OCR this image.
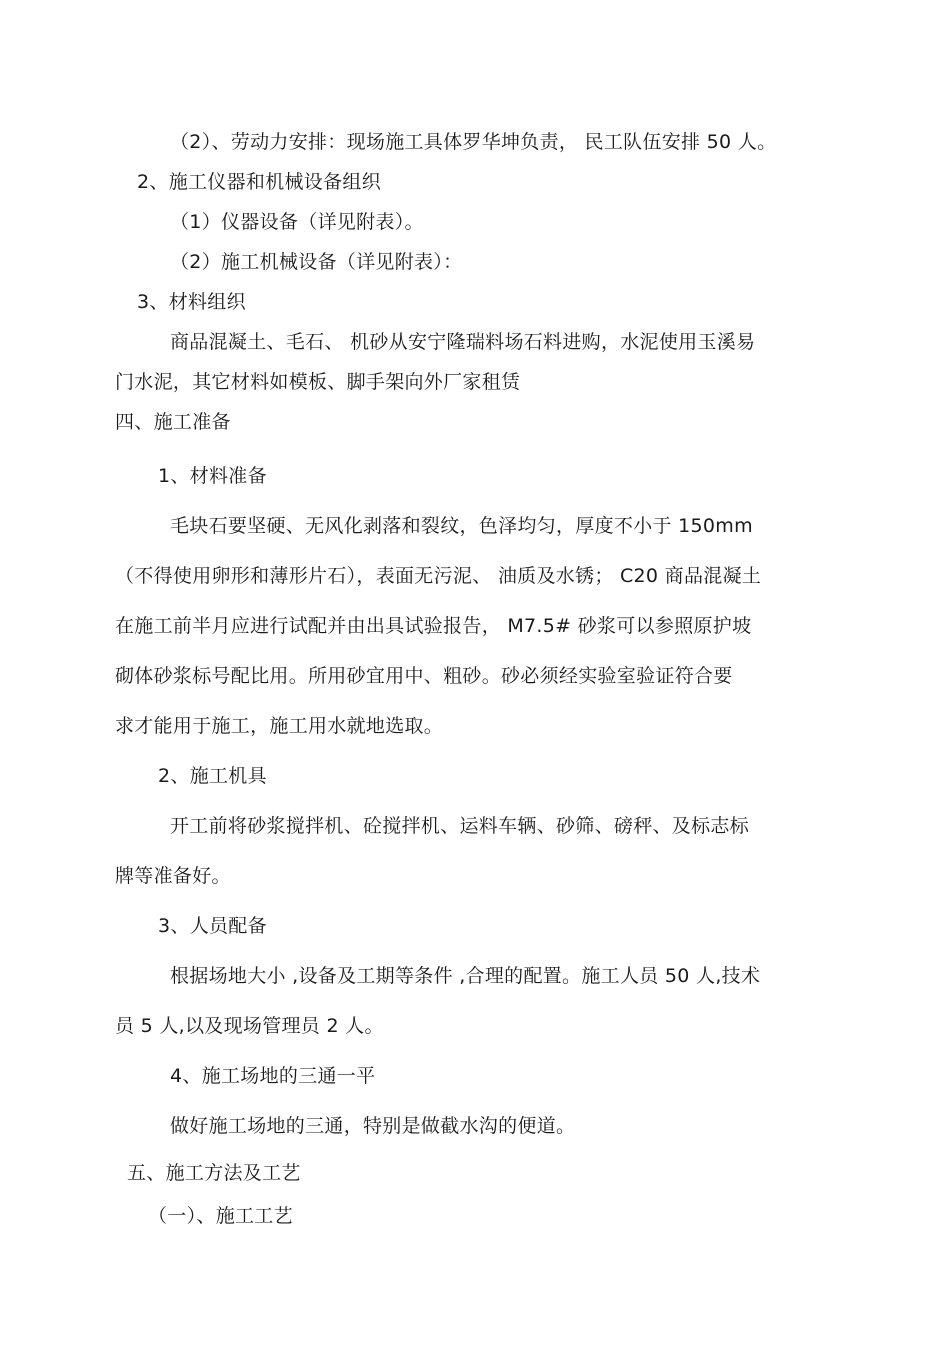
（2）、劳动力安排：现场施工具体罗华坤负责， 民工队伍安排 50 人。
2、施工仪器和机械设备组织
（1）仪器设备（详见附表）。
（2）施工机械设备（详见附表）：
3、材料组织
商品混凝土、毛石、 机砂从安宁隆瑞料场石料进购，水泥使用玉溪易
门水泥，其它材料如模板、脚手架向外厂家租赁
四、施工准备
1、材料准备
毛块石要坚硬、无风化剥落和裂纹，色泽均匀，厚度不小于 150mm
（不得使用卵形和薄形片石），表面无污泥、 油质及水锈； C20 商品混凝土
在施工前半月应进行试配并由出具试验报告， M7.5# 砂浆可以参照原护坡
砌体砂浆标号配比用。所用砂宜用中、粗砂。砂必须经实验室验证符合要
求才能用于施工，施工用水就地选取。
2、施工机具
开工前将砂浆搅拌机、砼搅拌机、运料车辆、砂筛、磅秤、及标志标
牌等准备好。
3、人员配备
根据场地大小 ,设备及工期等条件 ,合理的配置。施工人员 50 人,技术
员 5 人,以及现场管理员 2 人。
4、施工场地的三通一平
做好施工场地的三通，特别是做截水沟的便道。
五、施工方法及工艺
（一）、施工工艺
